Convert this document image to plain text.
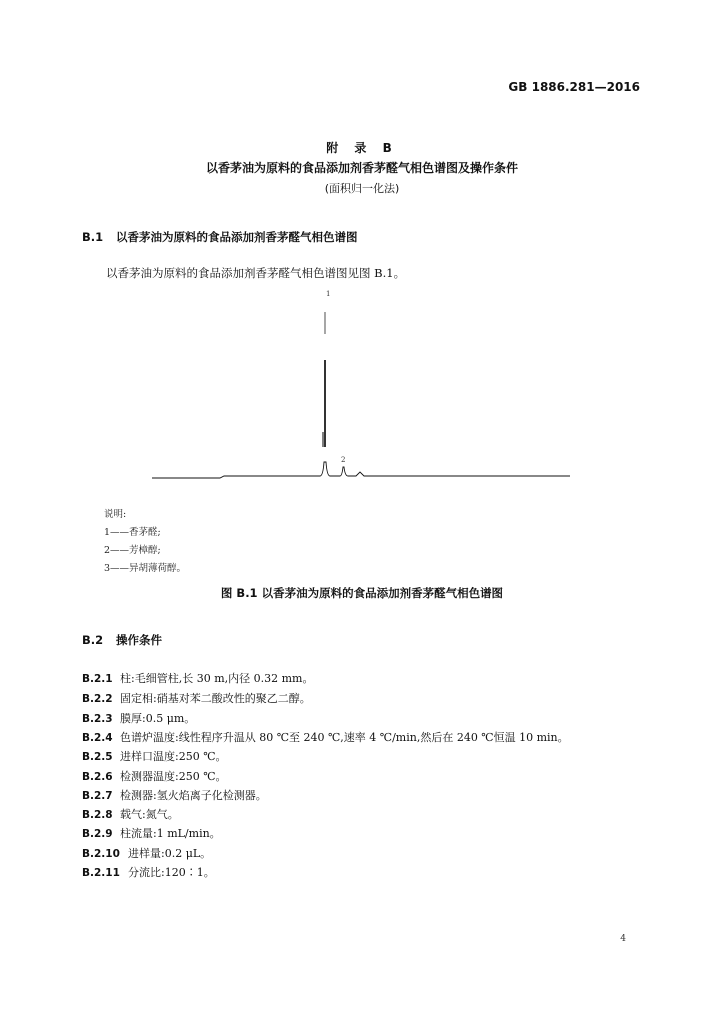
GB 1886.281—2016
附 录 B
以香茅油为原料的食品添加剂香茅醛气相色谱图及操作条件
(面积归一化法)
B.1 以香茅油为原料的食品添加剂香茅醛气相色谱图
以香茅油为原料的食品添加剂香茅醛气相色谱图见图 B.1。
1
2
说明:
1——香茅醛;
2——芳樟醇;
3——异胡薄荷醇。
图 B.1 以香茅油为原料的食品添加剂香茅醛气相色谱图
B.2 操作条件
B.2.1 柱:毛细管柱,长 30 m,内径 0.32 mm。
B.2.2 固定相:硝基对苯二酸改性的聚乙二醇。
B.2.3 膜厚:0.5 μm。
B.2.4 色谱炉温度:线性程序升温从 80 ℃至 240 ℃,速率 4 ℃/min,然后在 240 ℃恒温 10 min。
B.2.5 进样口温度:250 ℃。
B.2.6 检测器温度:250 ℃。
B.2.7 检测器:氢火焰离子化检测器。
B.2.8 载气:氮气。
B.2.9 柱流量:1 mL/min。
B.2.10 进样量:0.2 μL。
B.2.11 分流比:120∶1。
4
